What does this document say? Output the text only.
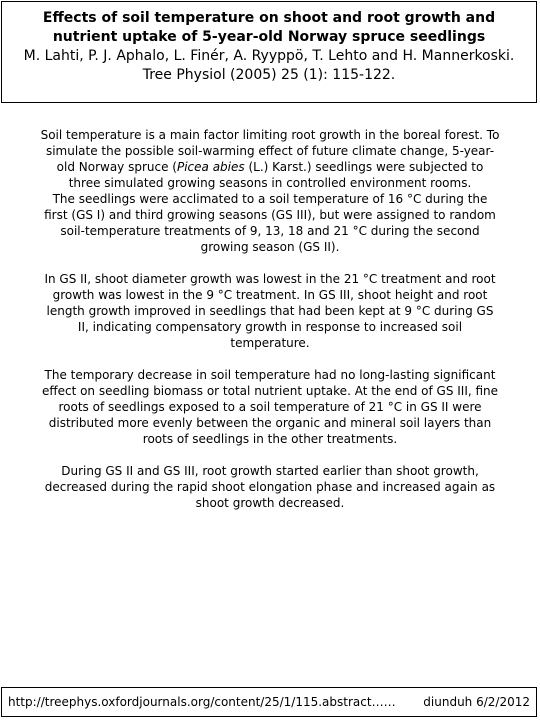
Effects of soil temperature on shoot and root growth and
nutrient uptake of 5-year-old Norway spruce seedlings

M. Lahti, P. J. Aphalo, L. Finér, A. Ryyppö, T. Lehto and H. Mannerkoski.

Tree Physiol (2005) 25 (1): 115-122.

Soil temperature is a main factor limiting root growth in the boreal forest. To simulate the possible soil-warming effect of future climate change, 5-year-old Norway spruce (Picea abies (L.) Karst.) seedlings were subjected to three simulated growing seasons in controlled environment rooms.

The seedlings were acclimated to a soil temperature of 16 °C during the first (GS I) and third growing seasons (GS III), but were assigned to random soil-temperature treatments of 9, 13, 18 and 21 °C during the second growing season (GS II).

In GS II, shoot diameter growth was lowest in the 21 °C treatment and root growth was lowest in the 9 °C treatment. In GS III, shoot height and root length growth improved in seedlings that had been kept at 9 °C during GS II, indicating compensatory growth in response to increased soil temperature.

The temporary decrease in soil temperature had no long-lasting significant effect on seedling biomass or total nutrient uptake. At the end of GS III, fine roots of seedlings exposed to a soil temperature of 21 °C in GS II were distributed more evenly between the organic and mineral soil layers than roots of seedlings in the other treatments.

During GS II and GS III, root growth started earlier than shoot growth, decreased during the rapid shoot elongation phase and increased again as shoot growth decreased.

http://treephys.oxfordjournals.org/content/25/1/115.abstract…… diunduh 6/2/2012
